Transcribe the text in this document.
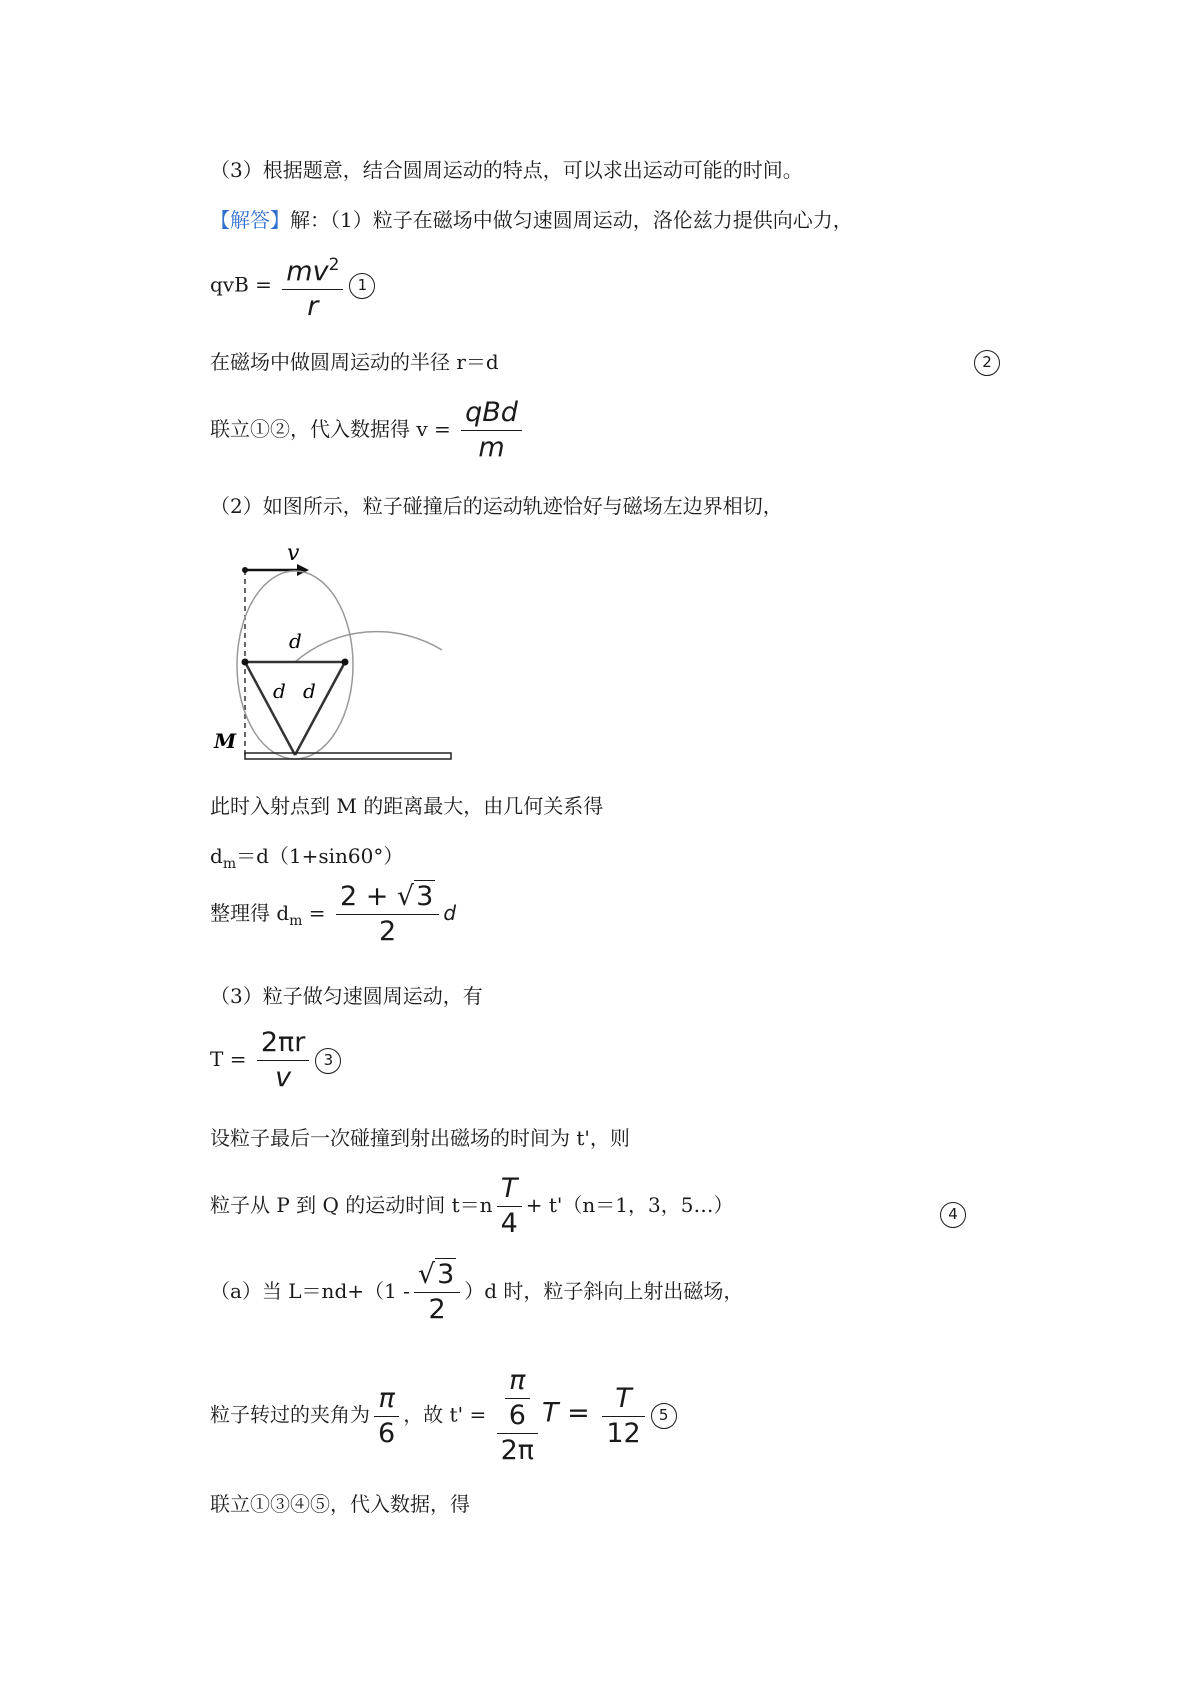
（3）根据题意，结合圆周运动的特点，可以求出运动可能的时间。
【解答】解：（1）粒子在磁场中做匀速圆周运动，洛伦兹力提供向心力，
qvB = $\frac{mv^2}{r} 1$
在磁场中做圆周运动的半径 r＝d	2
联立①②，代入数据得 $v = \frac{\text{qBd}}{m}$
（2）如图所示，粒子碰撞后的运动轨迹恰好与磁场左边界相切，
v
d
d d
M
此时入射点到 M 的距离最大，由几何关系得
$d_m=d(1+\sin 60^\circ)$
整理得 $d_m = \frac{2 + √3}{2}$ d
（3）粒子做匀速圆周运动，有
$T = \frac{2\pi r}{v} 3$
设粒子最后一次碰撞到射出磁场的时间为 t'，则
粒子从 P 到 Q 的运动时间 $t=n \frac{T}{4} + t'(n=1$，3，5…）	4
（a）当 $L=nd+(1 - \frac{√3}{2} )d$ 时，粒子斜向上射出磁场，
粒子转过的夹角为 $\frac{\pi}{6}$ ，故 $t' = \frac{\frac{\pi}{6}}{2\pi}$ $T = \frac{T}{12} 5$
联立①③④⑤，代入数据，得
